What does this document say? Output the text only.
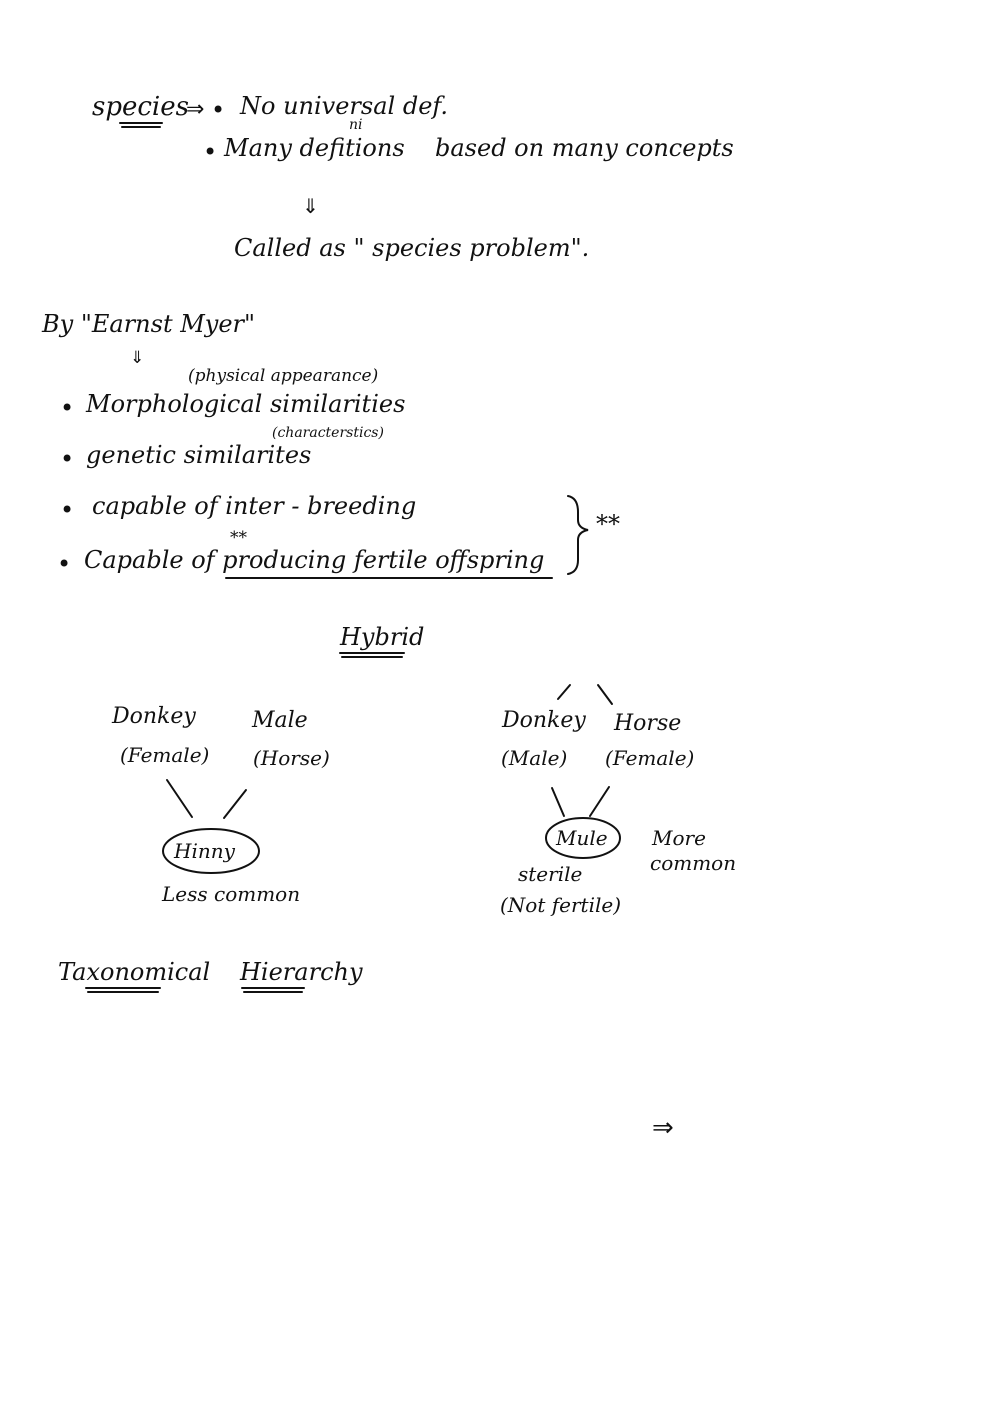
species
⇒ • No universal def.
• Many defitions
ni
based on many concepts
⇓
Called as " species problem".
By "Earnst Myer"
⇓
(physical appearance)
• Morphological similarities
(characterstics)
• genetic similarites
• capable of inter - breeding
**
• Capable of producing fertile offspring
**
Hybrid
Donkey
(Female)
Male
(Horse)
Hinny
Less common
Donkey
(Male)
Horse
(Female)
Mule More
common
sterile
(Not fertile)
Taxonomical Hierarchy
⇒
